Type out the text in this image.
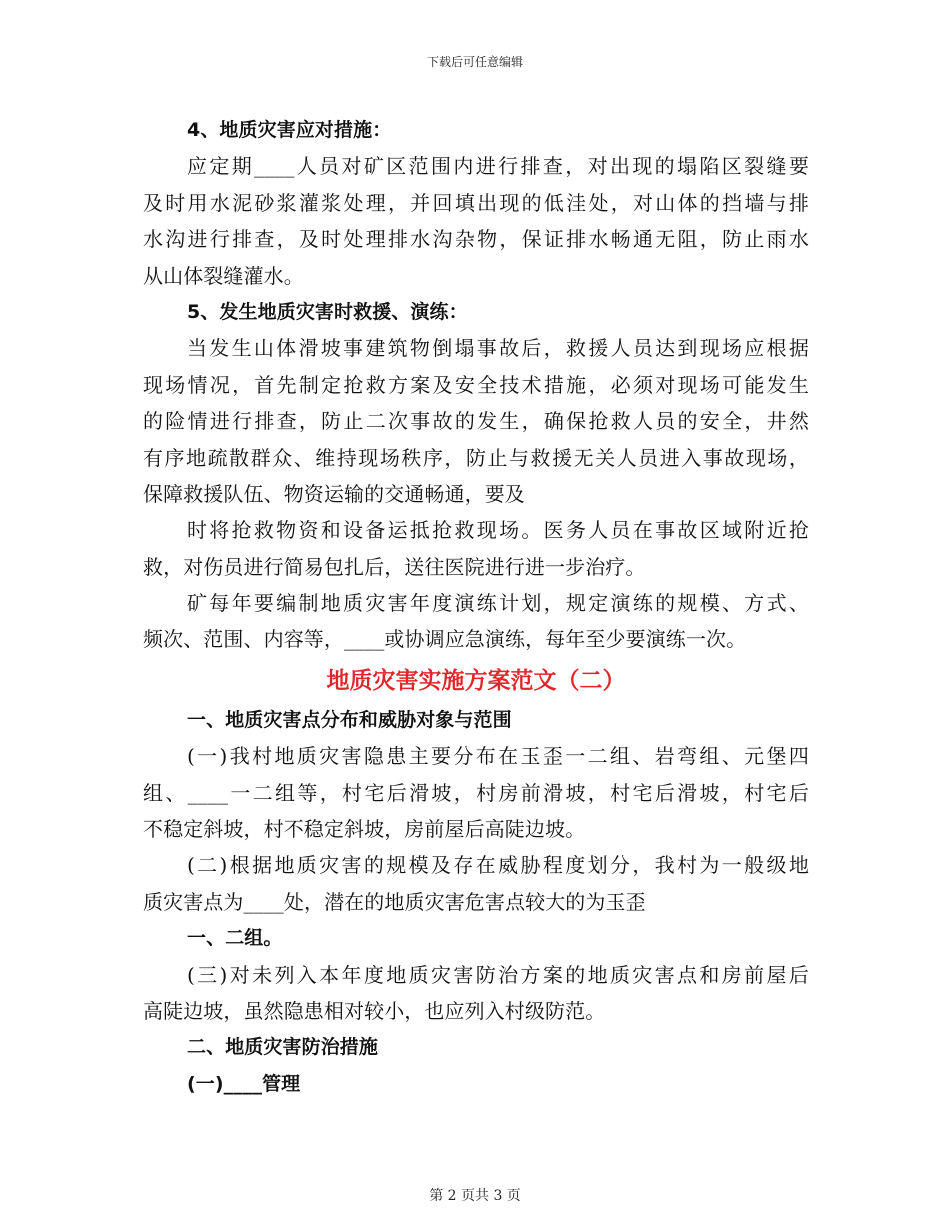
下载后可任意编辑
4、地质灾害应对措施：
应定期____人员对矿区范围内进行排查，对出现的塌陷区裂缝要
及时用水泥砂浆灌浆处理，并回填出现的低洼处，对山体的挡墙与排
水沟进行排查，及时处理排水沟杂物，保证排水畅通无阻，防止雨水
从山体裂缝灌水。
5、发生地质灾害时救援、演练：
当发生山体滑坡事建筑物倒塌事故后，救援人员达到现场应根据
现场情况，首先制定抢救方案及安全技术措施，必须对现场可能发生
的险情进行排查，防止二次事故的发生，确保抢救人员的安全，井然
有序地疏散群众、维持现场秩序，防止与救援无关人员进入事故现场，
保障救援队伍、物资运输的交通畅通，要及
时将抢救物资和设备运抵抢救现场。医务人员在事故区域附近抢
救，对伤员进行简易包扎后，送往医院进行进一步治疗。
矿每年要编制地质灾害年度演练计划，规定演练的规模、方式、
频次、范围、内容等，____或协调应急演练，每年至少要演练一次。
地质灾害实施方案范文（二）
一、地质灾害点分布和威胁对象与范围
(一)我村地质灾害隐患主要分布在玉歪一二组、岩弯组、元堡四
组、____一二组等，村宅后滑坡，村房前滑坡，村宅后滑坡，村宅后
不稳定斜坡，村不稳定斜坡，房前屋后高陡边坡。
(二)根据地质灾害的规模及存在威胁程度划分，我村为一般级地
质灾害点为____处，潜在的地质灾害危害点较大的为玉歪
一、二组。
(三)对未列入本年度地质灾害防治方案的地质灾害点和房前屋后
高陡边坡，虽然隐患相对较小，也应列入村级防范。
二、地质灾害防治措施
(一)____管理
第 2 页共 3 页
